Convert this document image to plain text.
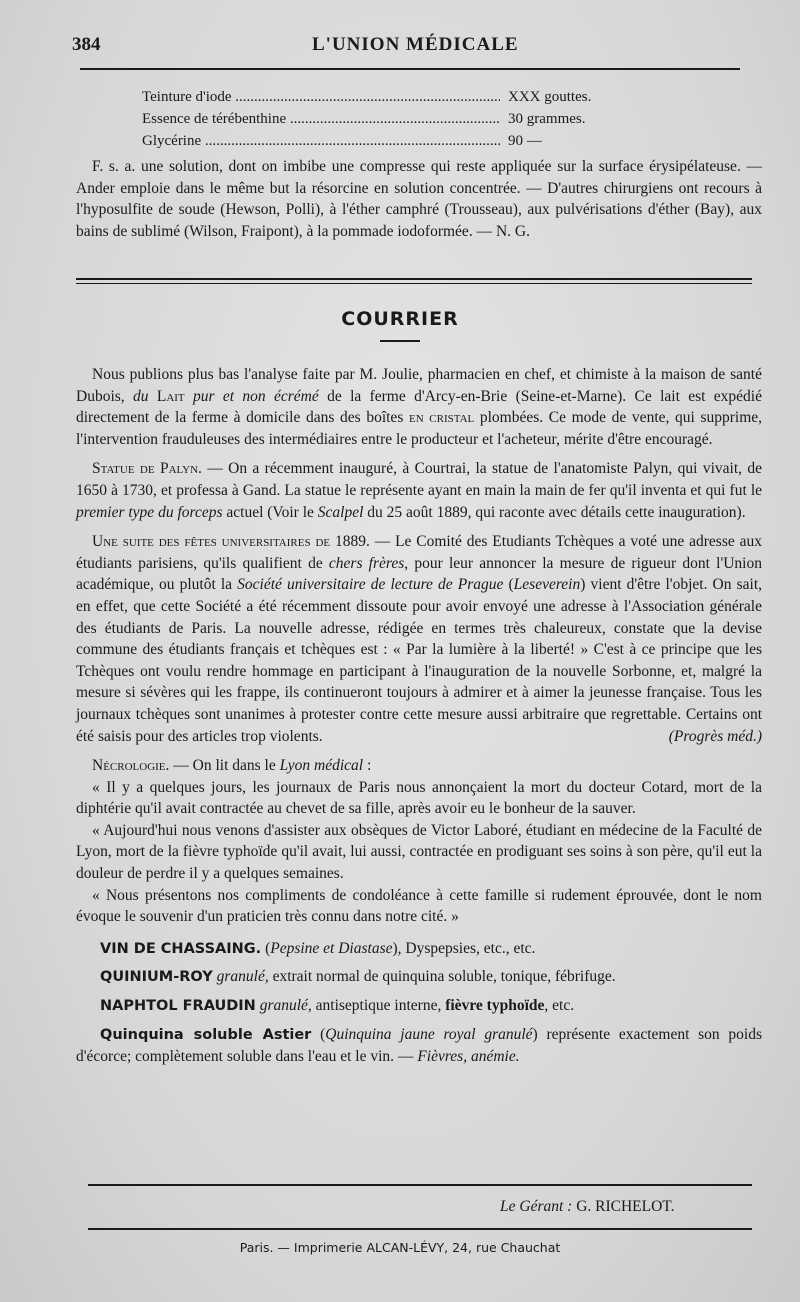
384	L'UNION MÉDICALE
Teinture d'iode .....	XXX gouttes.
Essence de térébenthine .....	30 grammes.
Glycérine .....	90 —

F. s. a. une solution, dont on imbibe une compresse qui reste appliquée sur la surface érysipélateuse. — Ander emploie dans le même but la résorcine en solution concentrée. — D'autres chirurgiens ont recours à l'hyposulfite de soude (Hewson, Polli), à l'éther camphré (Trousseau), aux pulvérisations d'éther (Bay), aux bains de sublimé (Wilson, Fraipont), à la pommade iodoformée. — N. G.

COURRIER

Nous publions plus bas l'analyse faite par M. Joulie, pharmacien en chef, et chimiste à la maison de santé Dubois, du Lait pur et non écrémé de la ferme d'Arcy-en-Brie (Seine-et-Marne). Ce lait est expédié directement de la ferme à domicile dans des boîtes en cristal plombées. Ce mode de vente, qui supprime, l'intervention frauduleuses des intermédiaires entre le producteur et l'acheteur, mérite d'être encouragé.

Statue de Palyn. — On a récemment inauguré, à Courtrai, la statue de l'anatomiste Palyn, qui vivait, de 1650 à 1730, et professa à Gand. La statue le représente ayant en main la main de fer qu'il inventa et qui fut le premier type du forceps actuel (Voir le Scalpel du 25 août 1889, qui raconte avec détails cette inauguration).

Une suite des fêtes universitaires de 1889. — Le Comité des Etudiants Tchèques a voté une adresse aux étudiants parisiens, qu'ils qualifient de chers frères, pour leur annoncer la mesure de rigueur dont l'Union académique, ou plutôt la Société universitaire de lecture de Prague (Leseverein) vient d'être l'objet. On sait, en effet, que cette Société a été récemment dissoute pour avoir envoyé une adresse à l'Association générale des étudiants de Paris. La nouvelle adresse, rédigée en termes très chaleureux, constate que la devise commune des étudiants français et tchèques est : « Par la lumière à la liberté! » C'est à ce principe que les Tchèques ont voulu rendre hommage en participant à l'inauguration de la nouvelle Sorbonne, et, malgré la mesure si sévères qui les frappe, ils continueront toujours à admirer et à aimer la jeunesse française. Tous les journaux tchèques sont unanimes à protester contre cette mesure aussi arbitraire que regrettable. Certains ont été saisis pour des articles trop violents.	(Progrès méd.)

Nécrologie. — On lit dans le Lyon médical :

« Il y a quelques jours, les journaux de Paris nous annonçaient la mort du docteur Cotard, mort de la diphtérie qu'il avait contractée au chevet de sa fille, après avoir eu le bonheur de la sauver.

« Aujourd'hui nous venons d'assister aux obsèques de Victor Laboré, étudiant en médecine de la Faculté de Lyon, mort de la fièvre typhoïde qu'il avait, lui aussi, contractée en prodiguant ses soins à son père, qu'il eut la douleur de perdre il y a quelques semaines.

« Nous présentons nos compliments de condoléance à cette famille si rudement éprouvée, dont le nom évoque le souvenir d'un praticien très connu dans notre cité. »

VIN DE CHASSAING. (Pepsine et Diastase), Dyspepsies, etc., etc.

QUINIUM-ROY granulé, extrait normal de quinquina soluble, tonique, fébrifuge.

NAPHTOL FRAUDIN granulé, antiseptique interne, fièvre typhoïde, etc.

Quinquina soluble Astier (Quinquina jaune royal granulé) représente exactement son poids d'écorce; complètement soluble dans l'eau et le vin. — Fièvres, anémie.

Le Gérant : G. RICHELOT.
Paris. — Imprimerie ALCAN-LÉVY, 24, rue Chauchat
